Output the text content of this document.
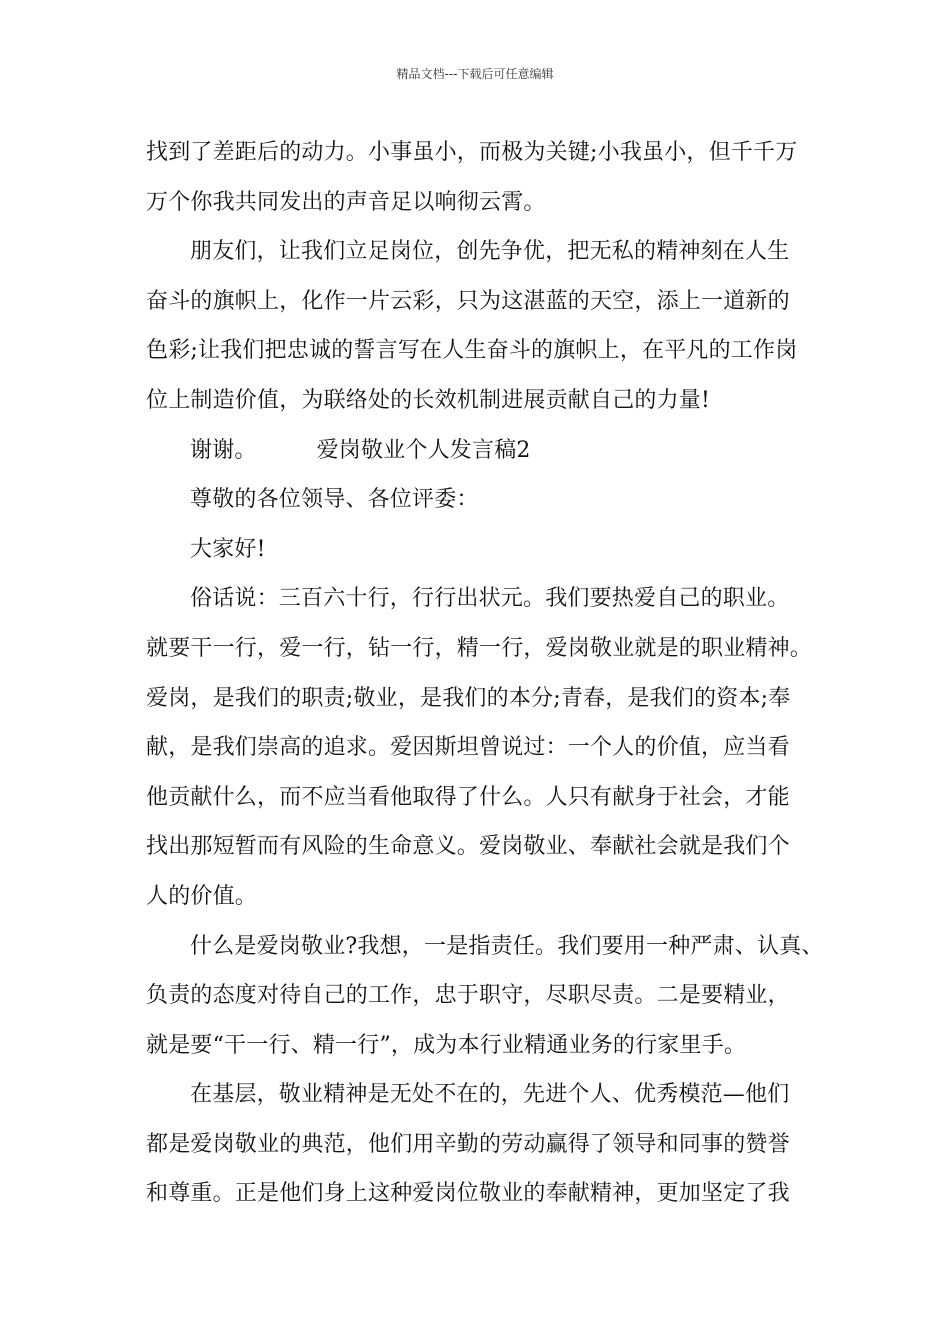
精品文档---下载后可任意编辑
找到了差距后的动力。小事虽小，而极为关键;小我虽小，但千千万
万个你我共同发出的声音足以响彻云霄。
朋友们，让我们立足岗位，创先争优，把无私的精神刻在人生
奋斗的旗帜上，化作一片云彩，只为这湛蓝的天空，添上一道新的
色彩;让我们把忠诚的誓言写在人生奋斗的旗帜上，在平凡的工作岗
位上制造价值，为联络处的长效机制进展贡献自己的力量!
谢谢。	爱岗敬业个人发言稿2
尊敬的各位领导、各位评委：
大家好!
俗话说：三百六十行，行行出状元。我们要热爱自己的职业。
就要干一行，爱一行，钻一行，精一行，爱岗敬业就是的职业精神。
爱岗，是我们的职责;敬业，是我们的本分;青春，是我们的资本;奉
献，是我们崇高的追求。爱因斯坦曾说过：一个人的价值，应当看
他贡献什么，而不应当看他取得了什么。人只有献身于社会，才能
找出那短暂而有风险的生命意义。爱岗敬业、奉献社会就是我们个
人的价值。
什么是爱岗敬业?我想，一是指责任。我们要用一种严肃、认真、
负责的态度对待自己的工作，忠于职守，尽职尽责。二是要精业，
就是要“干一行、精一行”，成为本行业精通业务的行家里手。
在基层，敬业精神是无处不在的，先进个人、优秀模范—他们
都是爱岗敬业的典范，他们用辛勤的劳动赢得了领导和同事的赞誉
和尊重。正是他们身上这种爱岗位敬业的奉献精神，更加坚定了我
